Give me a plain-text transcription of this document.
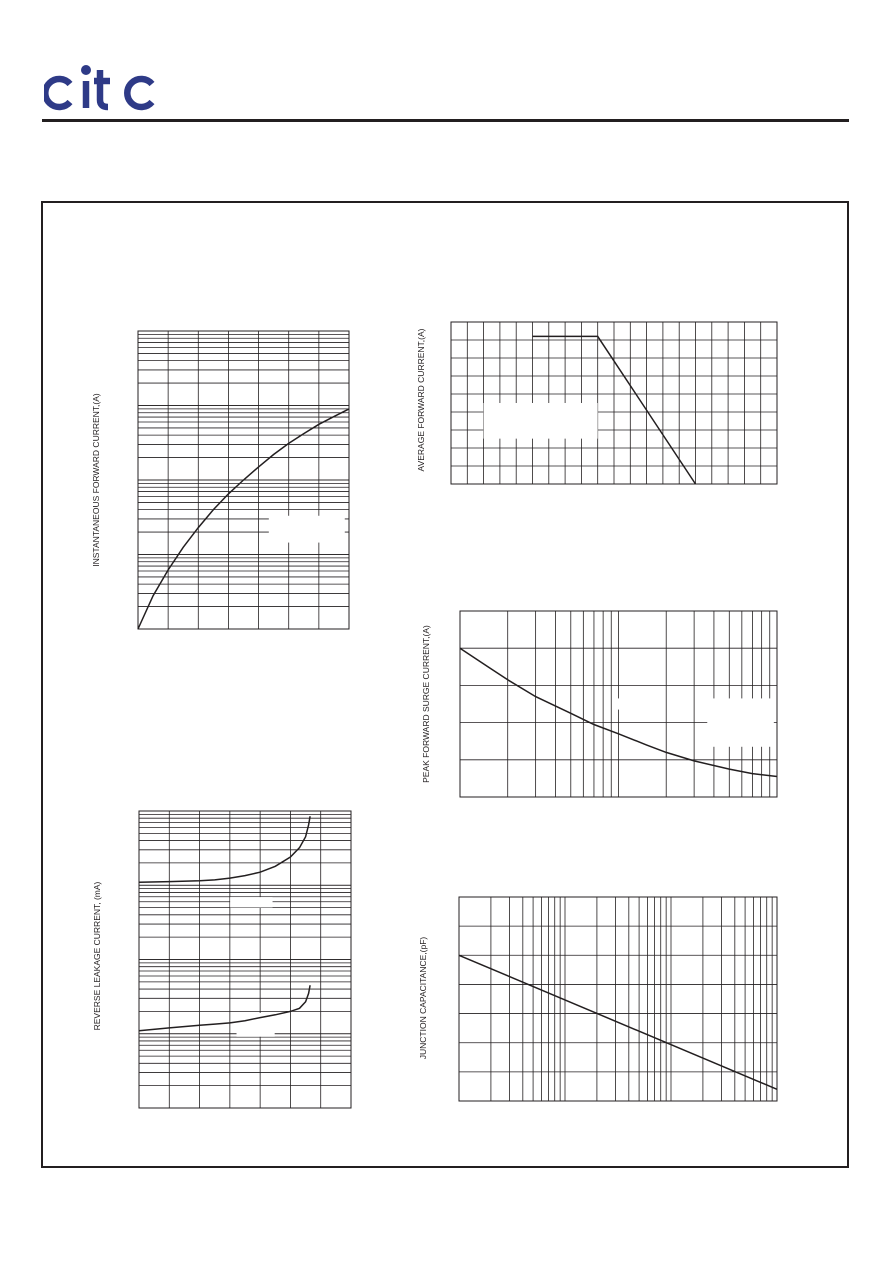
INSTANTANEOUS FORWARD CURRENT,(A)
REVERSE LEAKAGE CURRENT, (mA)
AVERAGE FORWARD CURRENT,(A)
PEAK FORWARD SURGE CURRENT,(A)
JUNCTION CAPACITANCE,(pF)
